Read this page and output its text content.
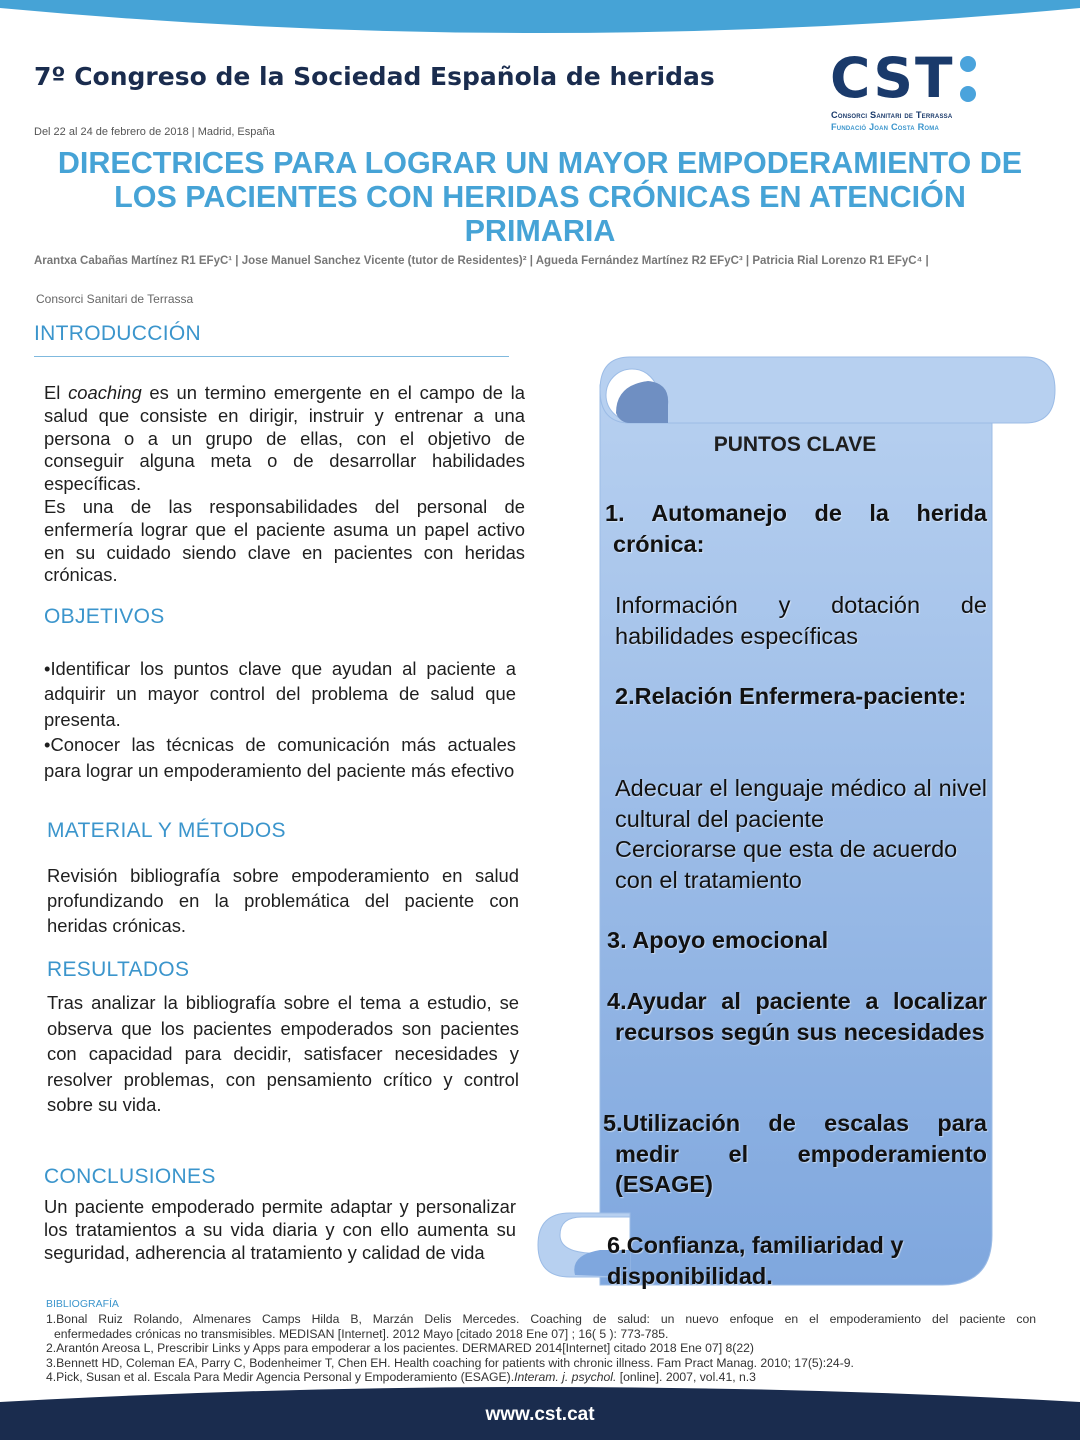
7º Congreso de la Sociedad Española de heridas
Del 22 al 24 de febrero de 2018 | Madrid, España
CST
Consorci Sanitari de Terrassa
Fundació Joan Costa Roma
DIRECTRICES PARA LOGRAR UN MAYOR EMPODERAMIENTO DE
LOS PACIENTES CON HERIDAS CRÓNICAS EN ATENCIÓN
PRIMARIA
Arantxa Cabañas Martínez R1 EFyC¹ | Jose Manuel Sanchez Vicente (tutor de Residentes)² | Agueda Fernández Martínez R2 EFyC³ | Patricia Rial Lorenzo R1 EFyC⁴ |
Consorci Sanitari de Terrassa
INTRODUCCIÓN

El coaching es un termino emergente en el campo de la salud que consiste en dirigir, instruir y entrenar a una persona o a un grupo de ellas, con el objetivo de conseguir alguna meta o de desarrollar habilidades específicas.

Es una de las responsabilidades del personal de enfermería lograr que el paciente asuma un papel activo en su cuidado siendo clave en pacientes con heridas crónicas.

OBJETIVOS

•Identificar los puntos clave que ayudan al paciente a adquirir un mayor control del problema de salud que presenta.

•Conocer las técnicas de comunicación más actuales para lograr un empoderamiento del paciente más efectivo

MATERIAL Y MÉTODOS

Revisión bibliografía sobre empoderamiento en salud profundizando en la problemática del paciente con heridas crónicas.

RESULTADOS

Tras analizar la bibliografía sobre el tema a estudio, se observa que los pacientes empoderados son pacientes con capacidad para decidir, satisfacer necesidades y resolver problemas, con pensamiento crítico y control sobre su vida.

CONCLUSIONES

Un paciente empoderado permite adaptar y personalizar los tratamientos a su vida diaria y con ello aumenta su seguridad, adherencia al tratamiento y calidad de vida

PUNTOS CLAVE
1. Automanejo de la herida crónica:
Información y dotación de habilidades específicas
2.Relación Enfermera-paciente:
Adecuar el lenguaje médico al nivel cultural del paciente
Cerciorarse que esta de acuerdo con el tratamiento
3. Apoyo emocional
4.Ayudar al paciente a localizar recursos según sus necesidades
5.Utilización de escalas para medir el empoderamiento (ESAGE)
6.Confianza, familiaridad y disponibilidad.
BIBLIOGRAFÍA

1.Bonal Ruiz Rolando, Almenares Camps Hilda B, Marzán Delis Mercedes. Coaching de salud: un nuevo enfoque en el empoderamiento del paciente con

enfermedades crónicas no transmisibles. MEDISAN [Internet]. 2012 Mayo [citado 2018 Ene 07] ; 16( 5 ): 773-785.

2.Arantón Areosa L, Prescribir Links y Apps para empoderar a los pacientes. DERMARED 2014[Internet] citado 2018 Ene 07] 8(22)

3.Bennett HD, Coleman EA, Parry C, Bodenheimer T, Chen EH. Health coaching for patients with chronic illness. Fam Pract Manag. 2010; 17(5):24-9.

4.Pick, Susan et al. Escala Para Medir Agencia Personal y Empoderamiento (ESAGE).Interam. j. psychol. [online]. 2007, vol.41, n.3

www.cst.cat
